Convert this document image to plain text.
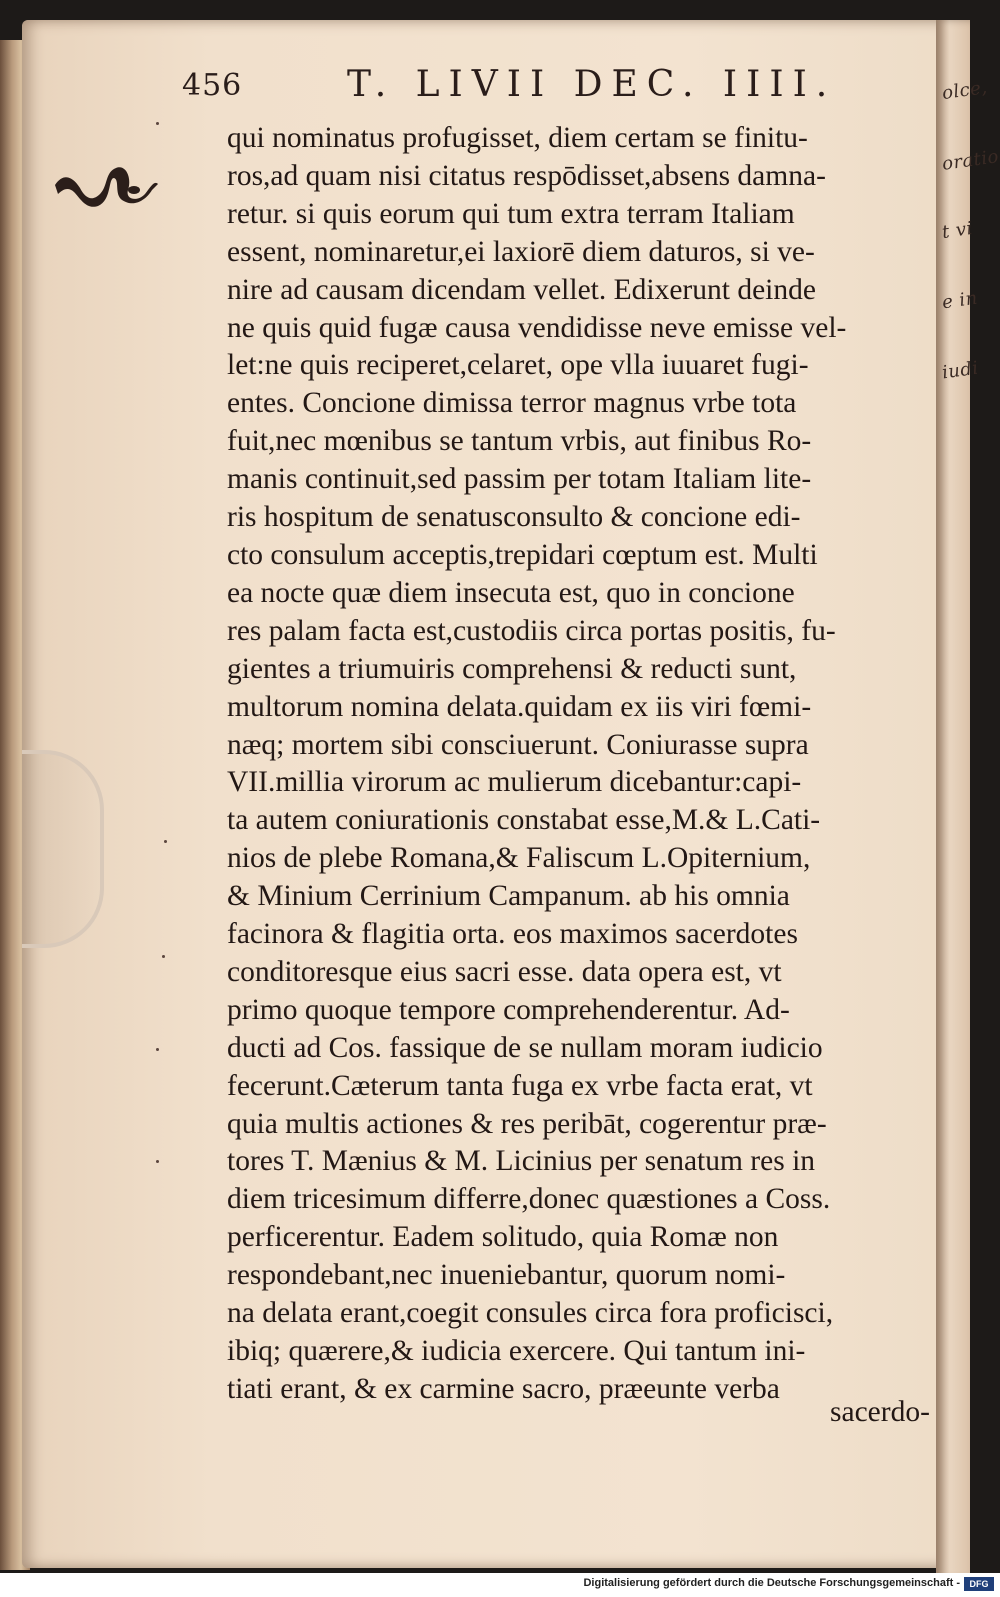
456	T. LIVII DEC. IIII.
qui nominatus profugisset, diem certam se finitu-
ros,ad quam nisi citatus respōdisset,absens damna-
retur. si quis eorum qui tum extra terram Italiam
essent, nominaretur,ei laxiorē diem daturos, si ve-
nire ad causam dicendam vellet. Edixerunt deinde
ne quis quid fugæ causa vendidisse neve emisse vel-
let:ne quis reciperet,celaret, ope vlla iuuaret fugi-
entes. Concione dimissa terror magnus vrbe tota
fuit,nec mœnibus se tantum vrbis, aut finibus Ro-
manis continuit,sed passim per totam Italiam lite-
ris hospitum de senatusconsulto & concione edi-
cto consulum acceptis,trepidari cœptum est. Multi
ea nocte quæ diem insecuta est, quo in concione
res palam facta est,custodiis circa portas positis, fu-
gientes a triumuiris comprehensi & reducti sunt,
multorum nomina delata.quidam ex iis viri fœmi-
næq; mortem sibi consciuerunt. Coniurasse supra
VII.millia virorum ac mulierum dicebantur:capi-
ta autem coniurationis constabat esse,M.& L.Cati-
nios de plebe Romana,& Faliscum L.Opiternium,
& Minium Cerrinium Campanum. ab his omnia
facinora & flagitia orta. eos maximos sacerdotes
conditoresque eius sacri esse. data opera est, vt
primo quoque tempore comprehenderentur. Ad-
ducti ad Cos. fassique de se nullam moram iudicio
fecerunt.Cæterum tanta fuga ex vrbe facta erat, vt
quia multis actiones & res peribāt, cogerentur præ-
tores T. Mænius & M. Licinius per senatum res in
diem tricesimum differre,donec quæstiones a Coss.
perficerentur. Eadem solitudo, quia Romæ non
respondebant,nec inueniebantur, quorum nomi-
na delata erant,coegit consules circa fora proficisci,
ibiq; quærere,& iudicia exercere. Qui tantum ini-
tiati erant, & ex carmine sacro, præeunte verba
sacerdo-
olce,
oratio
t vi
e in
iudi
Digitalisierung gefördert durch die Deutsche Forschungsgemeinschaft -	DFG
